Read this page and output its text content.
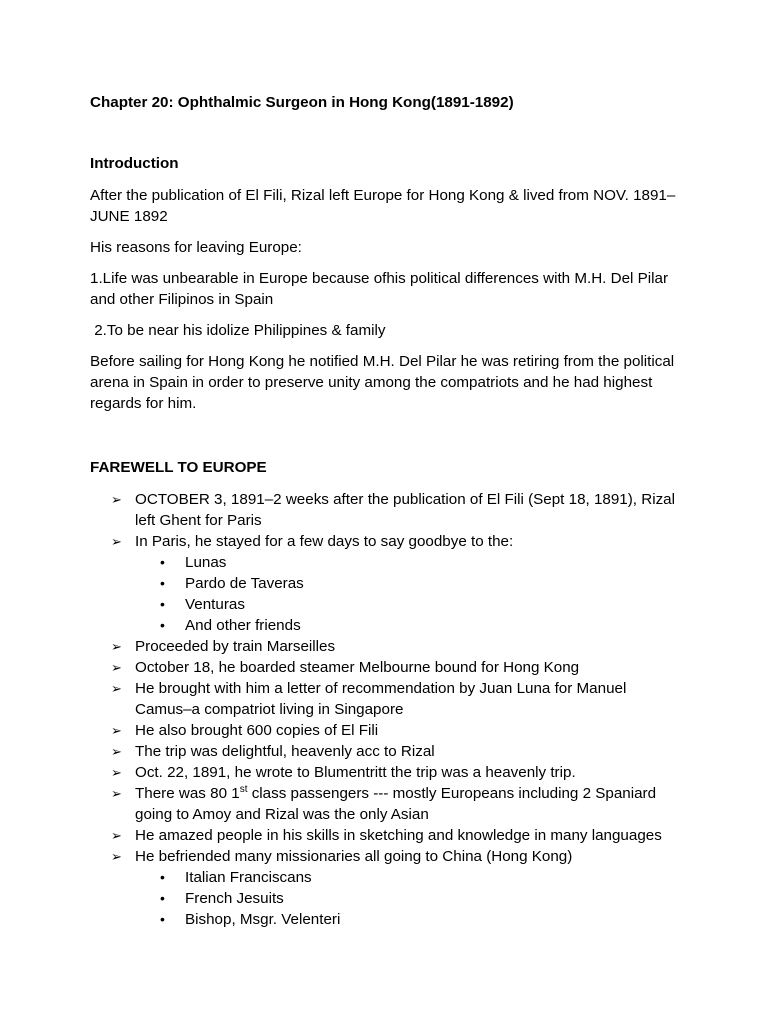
Chapter 20: Ophthalmic Surgeon in Hong Kong(1891-1892)

Introduction

After the publication of El Fili, Rizal left Europe for Hong Kong & lived from NOV. 1891– JUNE 1892

His reasons for leaving Europe:

1.Life was unbearable in Europe because ofhis political differences with M.H. Del Pilar and other Filipinos in Spain

2.To be near his idolize Philippines & family

Before sailing for Hong Kong he notified M.H. Del Pilar he was retiring from the political arena in Spain in order to preserve unity among the compatriots and he had highest regards for him.

FAREWELL TO EUROPE

➢ OCTOBER 3, 1891–2 weeks after the publication of El Fili (Sept 18, 1891), Rizal left Ghent for Paris
➢ In Paris, he stayed for a few days to say goodbye to the:
• Lunas
• Pardo de Taveras
• Venturas
• And other friends
➢ Proceeded by train Marseilles
➢ October 18, he boarded steamer Melbourne bound for Hong Kong
➢ He brought with him a letter of recommendation by Juan Luna for Manuel Camus–a compatriot living in Singapore
➢ He also brought 600 copies of El Fili
➢ The trip was delightful, heavenly acc to Rizal
➢ Oct. 22, 1891, he wrote to Blumentritt the trip was a heavenly trip.
➢ There was 80 1st class passengers --- mostly Europeans including 2 Spaniard going to Amoy and Rizal was the only Asian
➢ He amazed people in his skills in sketching and knowledge in many languages
➢ He befriended many missionaries all going to China (Hong Kong)
• Italian Franciscans
• French Jesuits
• Bishop, Msgr. Velenteri
